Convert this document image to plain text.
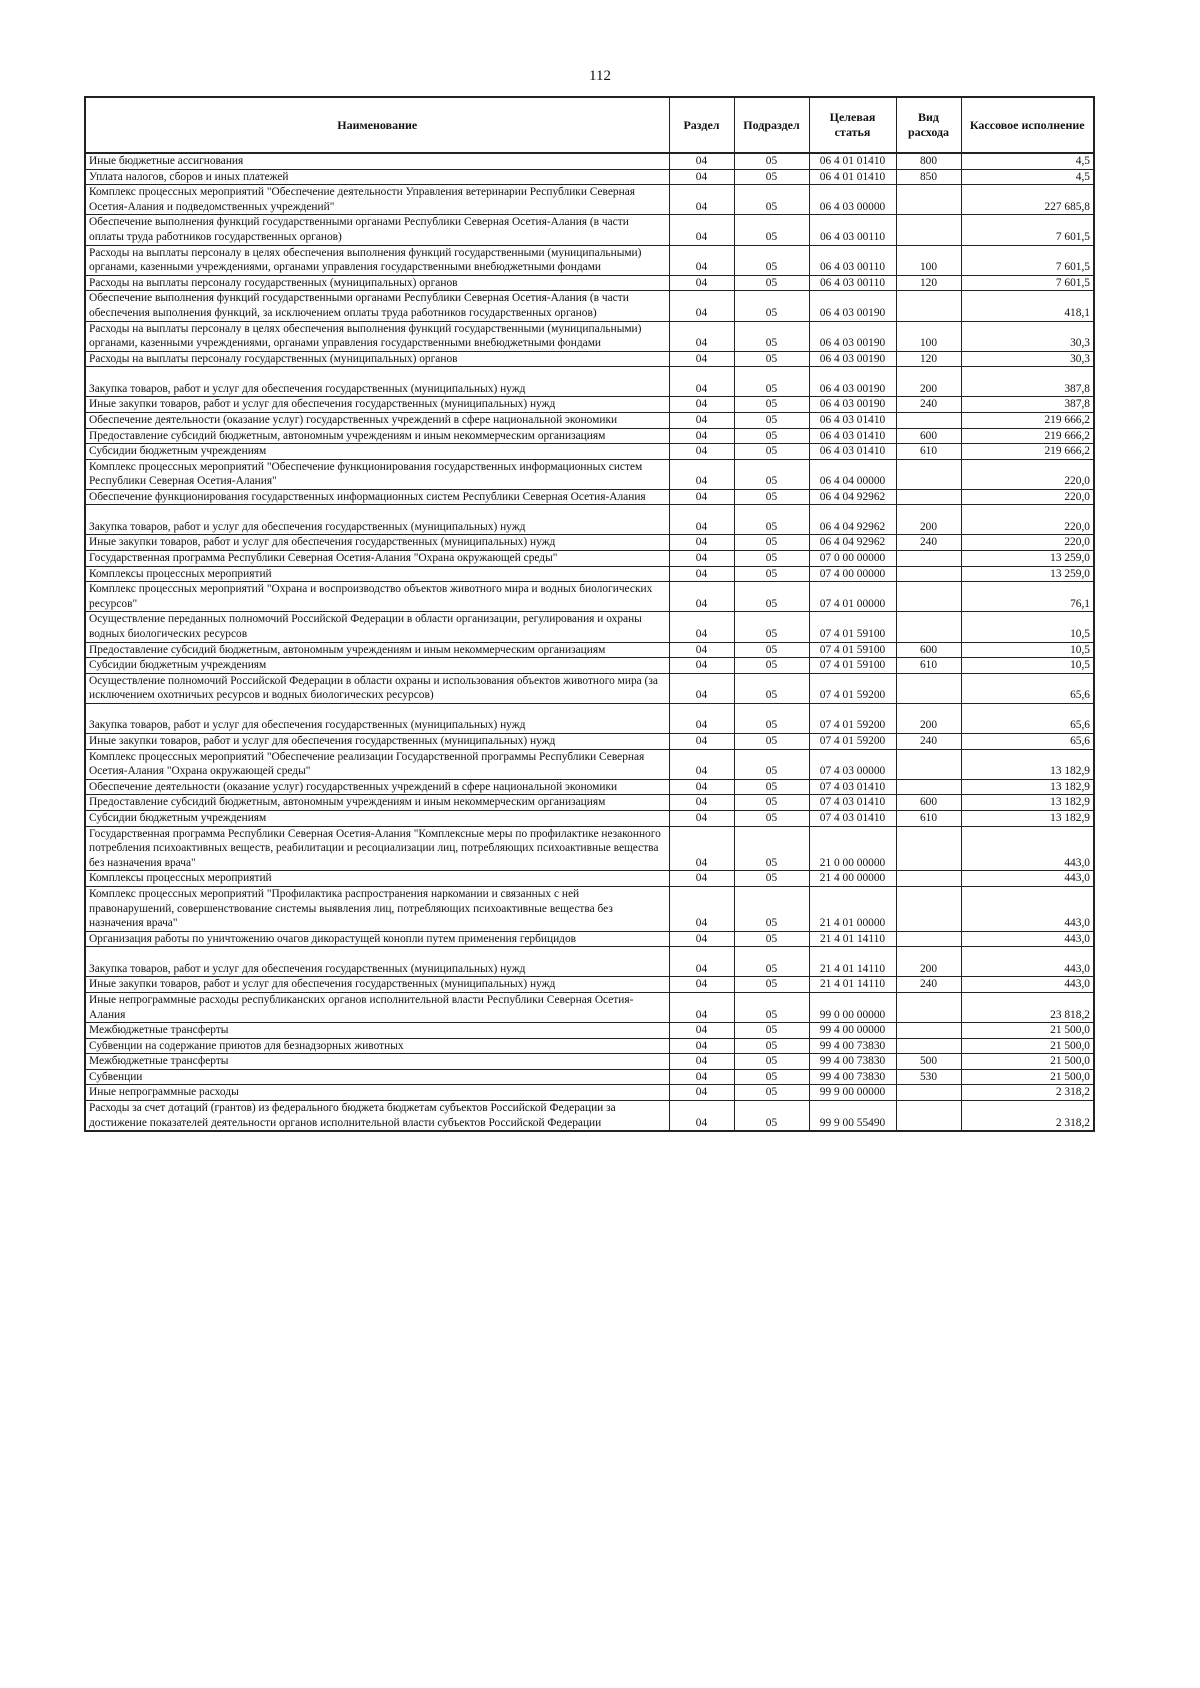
112
Наименование	Раздел	Подраздел	Целевая статья	Вид расхода	Кассовое исполнение
Иные бюджетные ассигнования	04	05	06 4 01 01410	800	4,5
Уплата налогов, сборов и иных платежей	04	05	06 4 01 01410	850	4,5
Комплекс процессных мероприятий "Обеспечение деятельности Управления ветеринарии Республики Северная Осетия-Алания и подведомственных учреждений"	04	05	06 4 03 00000		227 685,8
Обеспечение выполнения функций государственными органами Республики Северная Осетия-Алания (в части оплаты труда работников государственных органов)	04	05	06 4 03 00110		7 601,5
Расходы на выплаты персоналу в целях обеспечения выполнения функций государственными (муниципальными) органами, казенными учреждениями, органами управления государственными внебюджетными фондами	04	05	06 4 03 00110	100	7 601,5
Расходы на выплаты персоналу государственных (муниципальных) органов	04	05	06 4 03 00110	120	7 601,5
Обеспечение выполнения функций государственными органами Республики Северная Осетия-Алания (в части обеспечения выполнения функций, за исключением оплаты труда работников государственных органов)	04	05	06 4 03 00190		418,1
Расходы на выплаты персоналу в целях обеспечения выполнения функций государственными (муниципальными) органами, казенными учреждениями, органами управления государственными внебюджетными фондами	04	05	06 4 03 00190	100	30,3
Расходы на выплаты персоналу государственных (муниципальных) органов	04	05	06 4 03 00190	120	30,3
Закупка товаров, работ и услуг для обеспечения государственных (муниципальных) нужд	04	05	06 4 03 00190	200	387,8
Иные закупки товаров, работ и услуг для обеспечения государственных (муниципальных) нужд	04	05	06 4 03 00190	240	387,8
Обеспечение деятельности (оказание услуг) государственных учреждений в сфере национальной экономики	04	05	06 4 03 01410		219 666,2
Предоставление субсидий бюджетным, автономным учреждениям и иным некоммерческим организациям	04	05	06 4 03 01410	600	219 666,2
Субсидии бюджетным учреждениям	04	05	06 4 03 01410	610	219 666,2
Комплекс процессных мероприятий "Обеспечение функционирования государственных информационных систем Республики Северная Осетия-Алания"	04	05	06 4 04 00000		220,0
Обеспечение функционирования государственных информационных систем Республики Северная Осетия-Алания	04	05	06 4 04 92962		220,0
Закупка товаров, работ и услуг для обеспечения государственных (муниципальных) нужд	04	05	06 4 04 92962	200	220,0
Иные закупки товаров, работ и услуг для обеспечения государственных (муниципальных) нужд	04	05	06 4 04 92962	240	220,0
Государственная программа Республики Северная Осетия-Алания "Охрана окружающей среды"	04	05	07 0 00 00000		13 259,0
Комплексы процессных мероприятий	04	05	07 4 00 00000		13 259,0
Комплекс процессных мероприятий "Охрана и воспроизводство объектов животного мира и водных биологических ресурсов"	04	05	07 4 01 00000		76,1
Осуществление переданных полномочий Российской Федерации в области организации, регулирования и охраны водных биологических ресурсов	04	05	07 4 01 59100		10,5
Предоставление субсидий бюджетным, автономным учреждениям и иным некоммерческим организациям	04	05	07 4 01 59100	600	10,5
Субсидии бюджетным учреждениям	04	05	07 4 01 59100	610	10,5
Осуществление полномочий Российской Федерации в области охраны и использования объектов животного мира (за исключением охотничьих ресурсов и водных биологических ресурсов)	04	05	07 4 01 59200		65,6
Закупка товаров, работ и услуг для обеспечения государственных (муниципальных) нужд	04	05	07 4 01 59200	200	65,6
Иные закупки товаров, работ и услуг для обеспечения государственных (муниципальных) нужд	04	05	07 4 01 59200	240	65,6
Комплекс процессных мероприятий "Обеспечение реализации Государственной программы Республики Северная Осетия-Алания "Охрана окружающей среды"	04	05	07 4 03 00000		13 182,9
Обеспечение деятельности (оказание услуг) государственных учреждений в сфере национальной экономики	04	05	07 4 03 01410		13 182,9
Предоставление субсидий бюджетным, автономным учреждениям и иным некоммерческим организациям	04	05	07 4 03 01410	600	13 182,9
Субсидии бюджетным учреждениям	04	05	07 4 03 01410	610	13 182,9
Государственная программа Республики Северная Осетия-Алания "Комплексные меры по профилактике незаконного потребления психоактивных веществ, реабилитации и ресоциализации лиц, потребляющих психоактивные вещества без назначения врача"	04	05	21 0 00 00000		443,0
Комплексы процессных мероприятий	04	05	21 4 00 00000		443,0
Комплекс процессных мероприятий "Профилактика распространения наркомании и связанных с ней правонарушений, совершенствование системы выявления лиц, потребляющих психоактивные вещества без назначения врача"	04	05	21 4 01 00000		443,0
Организация работы по уничтожению очагов дикорастущей конопли путем применения гербицидов	04	05	21 4 01 14110		443,0
Закупка товаров, работ и услуг для обеспечения государственных (муниципальных) нужд	04	05	21 4 01 14110	200	443,0
Иные закупки товаров, работ и услуг для обеспечения государственных (муниципальных) нужд	04	05	21 4 01 14110	240	443,0
Иные непрограммные расходы республиканских органов исполнительной власти Республики Северная Осетия-Алания	04	05	99 0 00 00000		23 818,2
Межбюджетные трансферты	04	05	99 4 00 00000		21 500,0
Субвенции на содержание приютов для безнадзорных животных	04	05	99 4 00 73830		21 500,0
Межбюджетные трансферты	04	05	99 4 00 73830	500	21 500,0
Субвенции	04	05	99 4 00 73830	530	21 500,0
Иные непрограммные расходы	04	05	99 9 00 00000		2 318,2
Расходы за счет дотаций (грантов) из федерального бюджета бюджетам субъектов Российской Федерации за достижение показателей деятельности органов исполнительной власти субъектов Российской Федерации	04	05	99 9 00 55490		2 318,2
